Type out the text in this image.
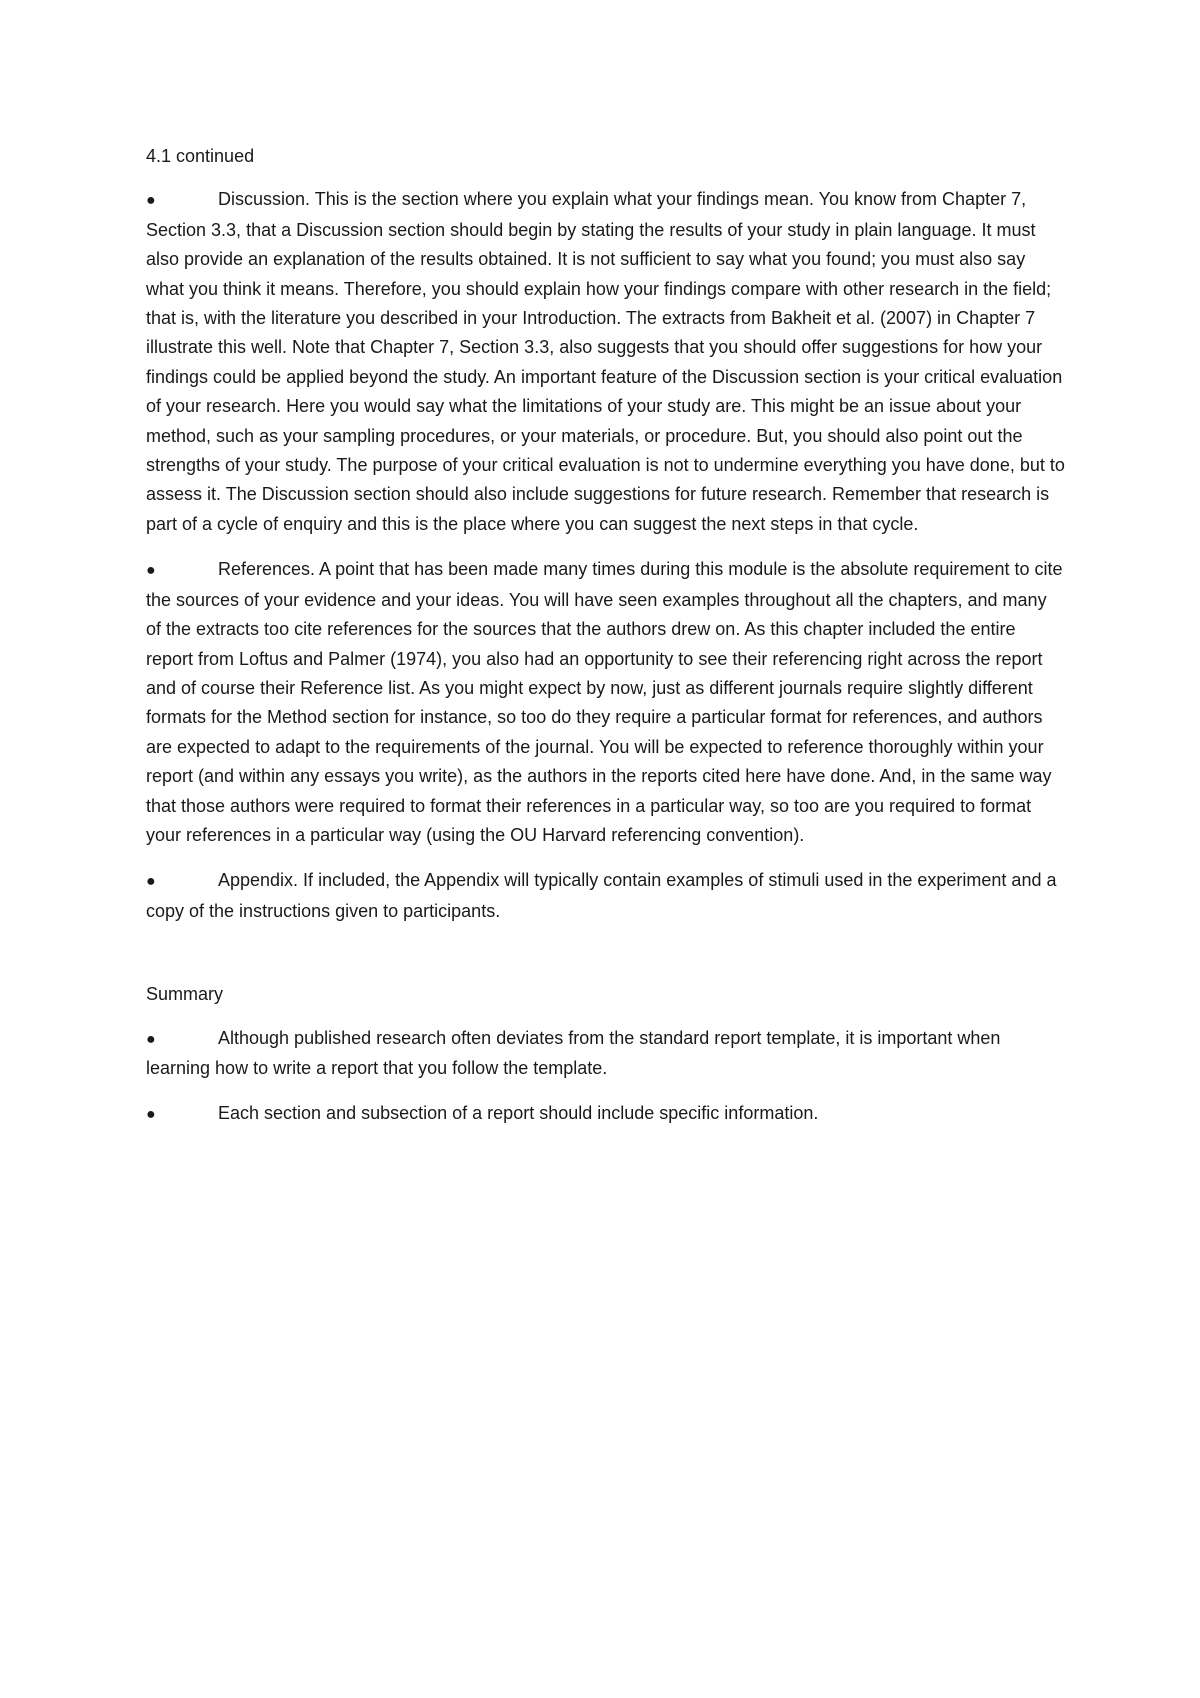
4.1 continued

●	Discussion. This is the section where you explain what your findings mean. You know from Chapter 7, Section 3.3, that a Discussion section should begin by stating the results of your study in plain language. It must also provide an explanation of the results obtained. It is not sufficient to say what you found; you must also say what you think it means. Therefore, you should explain how your findings compare with other research in the field; that is, with the literature you described in your Introduction. The extracts from Bakheit et al. (2007) in Chapter 7 illustrate this well. Note that Chapter 7, Section 3.3, also suggests that you should offer suggestions for how your findings could be applied beyond the study. An important feature of the Discussion section is your critical evaluation of your research. Here you would say what the limitations of your study are. This might be an issue about your method, such as your sampling procedures, or your materials, or procedure. But, you should also point out the strengths of your study. The purpose of your critical evaluation is not to undermine everything you have done, but to assess it. The Discussion section should also include suggestions for future research. Remember that research is part of a cycle of enquiry and this is the place where you can suggest the next steps in that cycle.

●	References. A point that has been made many times during this module is the absolute requirement to cite the sources of your evidence and your ideas. You will have seen examples throughout all the chapters, and many of the extracts too cite references for the sources that the authors drew on. As this chapter included the entire report from Loftus and Palmer (1974), you also had an opportunity to see their referencing right across the report and of course their Reference list. As you might expect by now, just as different journals require slightly different formats for the Method section for instance, so too do they require a particular format for references, and authors are expected to adapt to the requirements of the journal. You will be expected to reference thoroughly within your report (and within any essays you write), as the authors in the reports cited here have done. And, in the same way that those authors were required to format their references in a particular way, so too are you required to format your references in a particular way (using the OU Harvard referencing convention).

●	Appendix. If included, the Appendix will typically contain examples of stimuli used in the experiment and a copy of the instructions given to participants.

Summary

●	Although published research often deviates from the standard report template, it is important when learning how to write a report that you follow the template.

●	Each section and subsection of a report should include specific information.
